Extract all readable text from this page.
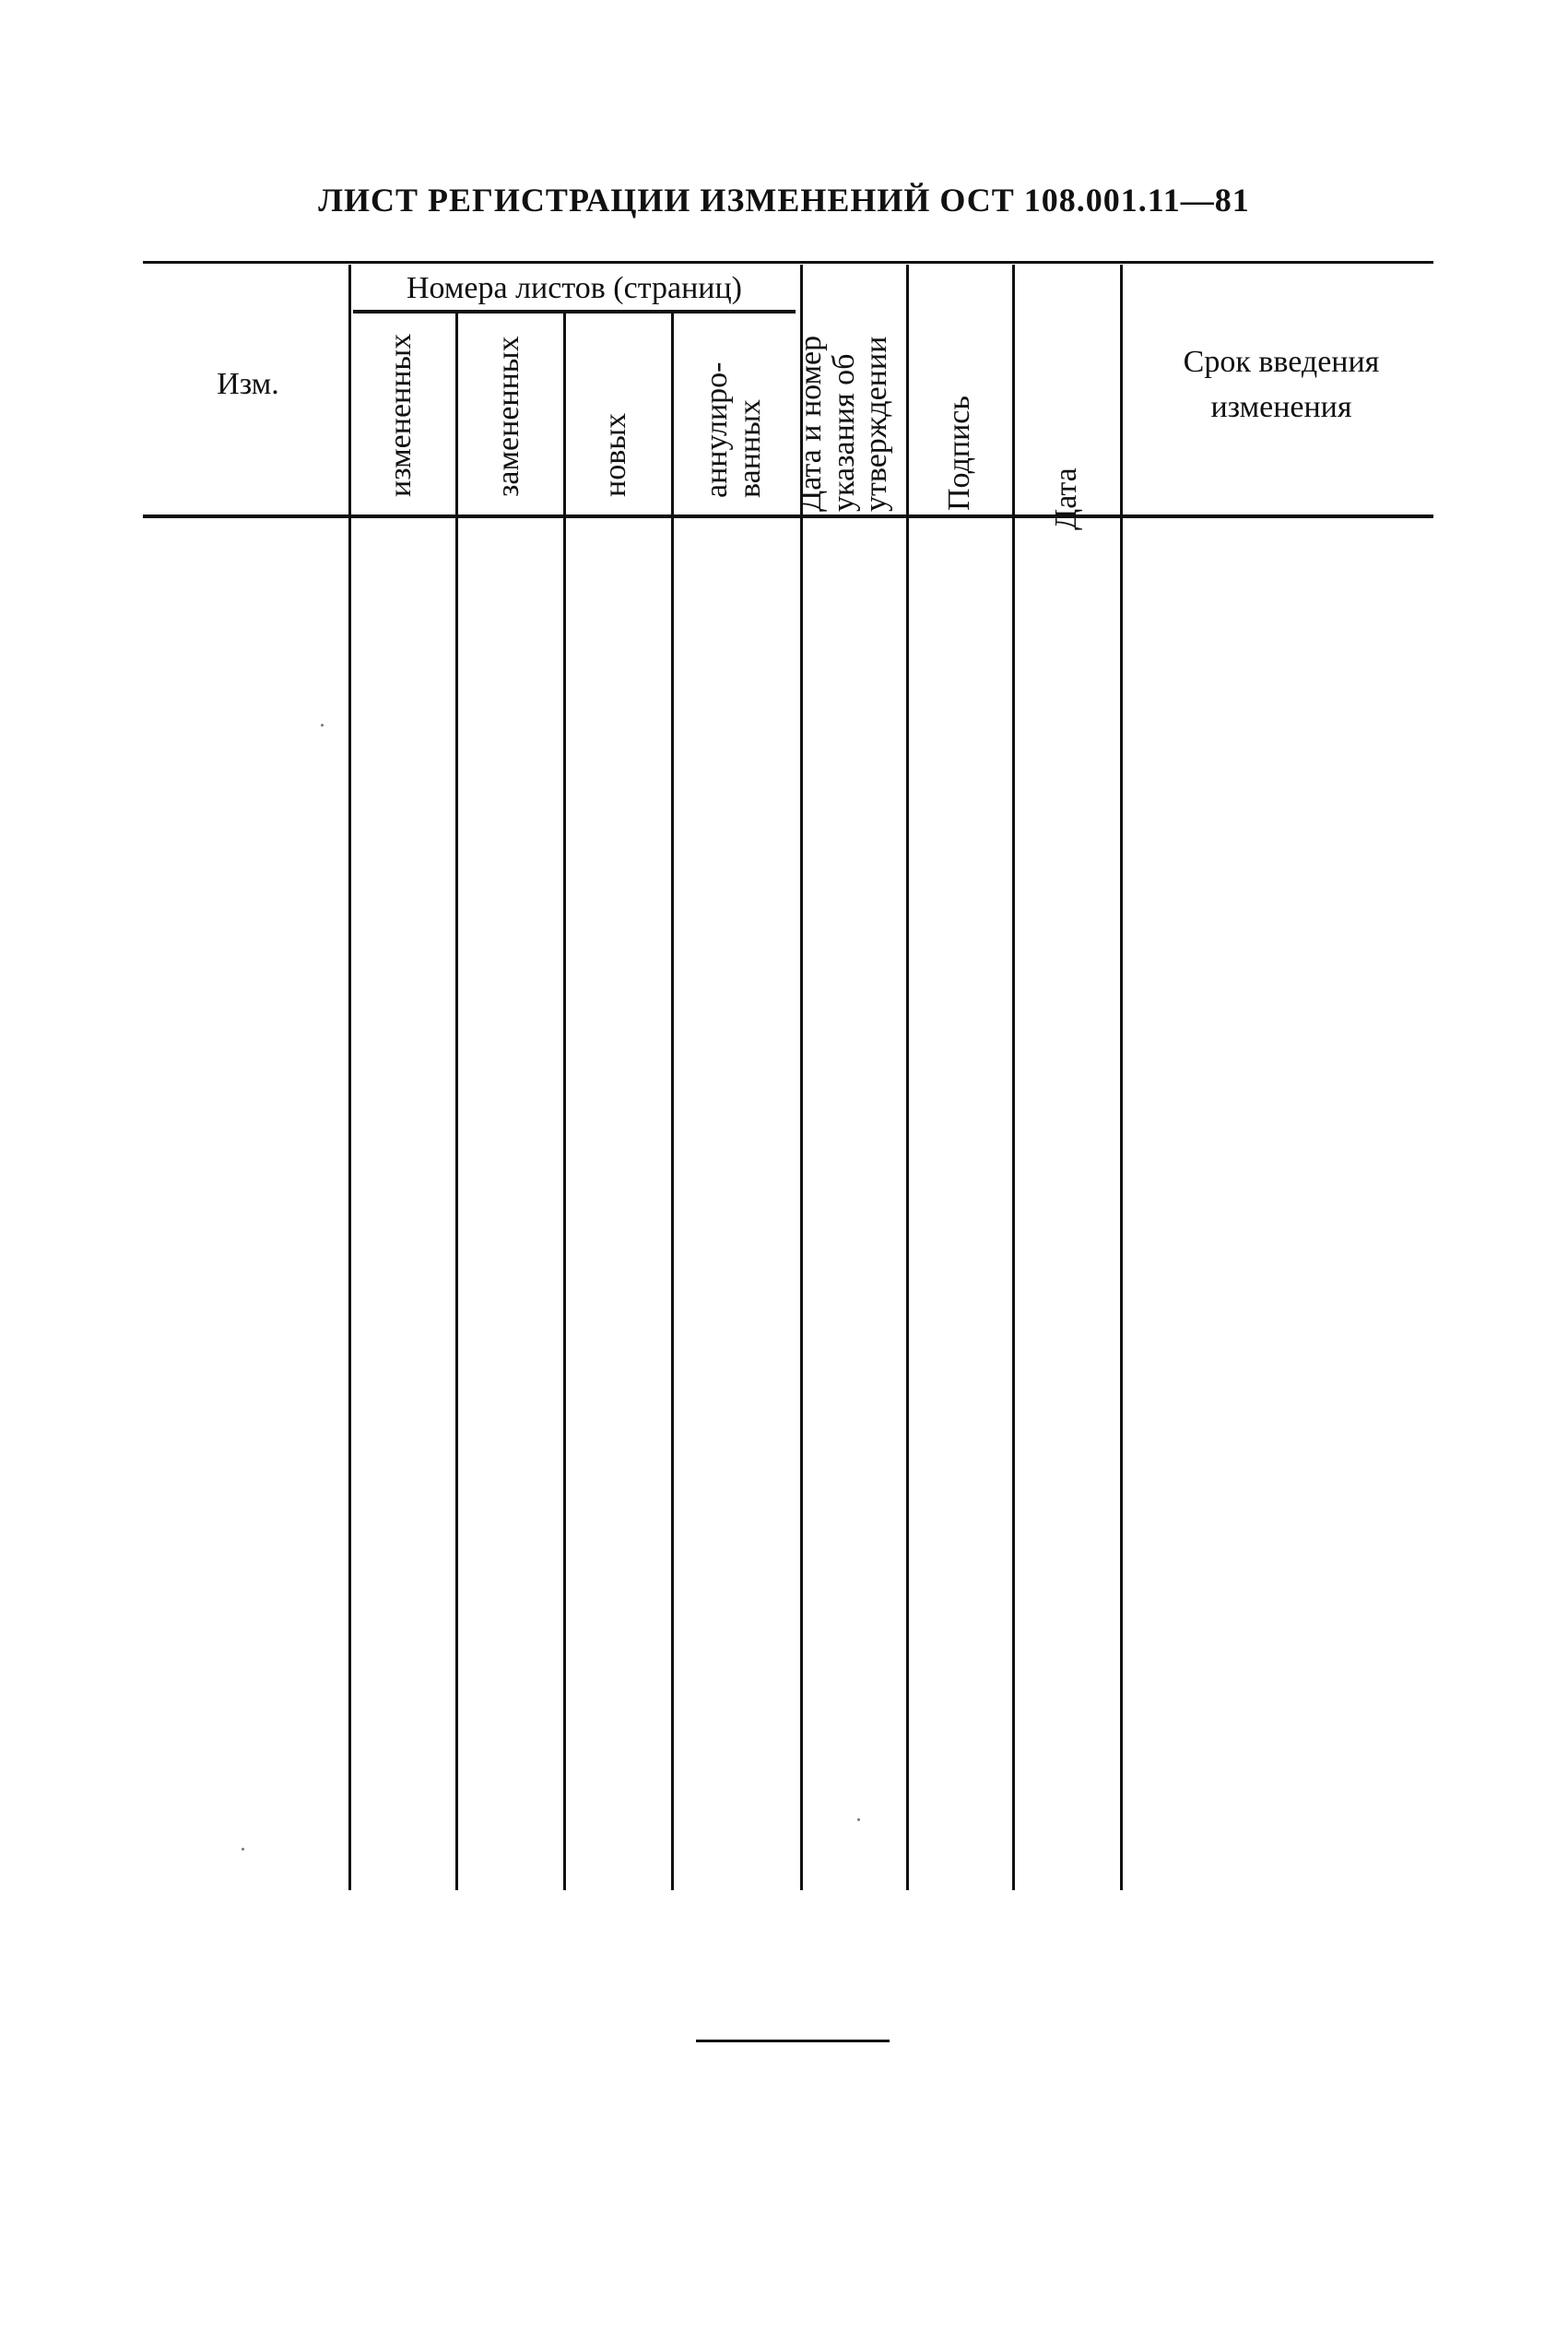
ЛИСТ РЕГИСТРАЦИИ ИЗМЕНЕНИЙ ОСТ 108.001.11—81
Изм.
Номера листов (страниц)
Срок введения
изменения
измененных замененных новых аннулиро-
ванных Дата и номер
указания об
утверждении Подпись Дата
